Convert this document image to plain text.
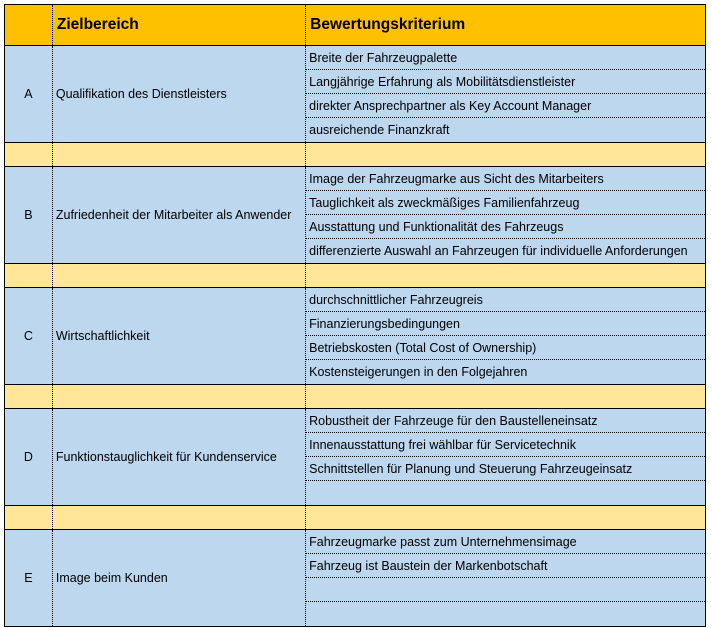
Zielbereich	Bewertungskriterium
A	Qualifikation des Dienstleisters
Breite der Fahrzeugpalette
Langjährige Erfahrung als Mobilitätsdienstleister
direkter Ansprechpartner als Key Account Manager
ausreichende Finanzkraft
B	Zufriedenheit der Mitarbeiter als Anwender
Image der Fahrzeugmarke aus Sicht des Mitarbeiters
Tauglichkeit als zweckmäßiges Familienfahrzeug
Ausstattung und Funktionalität des Fahrzeugs
differenzierte Auswahl an Fahrzeugen für individuelle Anforderungen
C	Wirtschaftlichkeit
durchschnittlicher Fahrzeugreis
Finanzierungsbedingungen
Betriebskosten (Total Cost of Ownership)
Kostensteigerungen in den Folgejahren
D	Funktionstauglichkeit für Kundenservice
Robustheit der Fahrzeuge für den Baustelleneinsatz
Innenausstattung frei wählbar für Servicetechnik
Schnittstellen für Planung und Steuerung Fahrzeugeinsatz
E	Image beim Kunden
Fahrzeugmarke passt zum Unternehmensimage
Fahrzeug ist Baustein der Markenbotschaft
